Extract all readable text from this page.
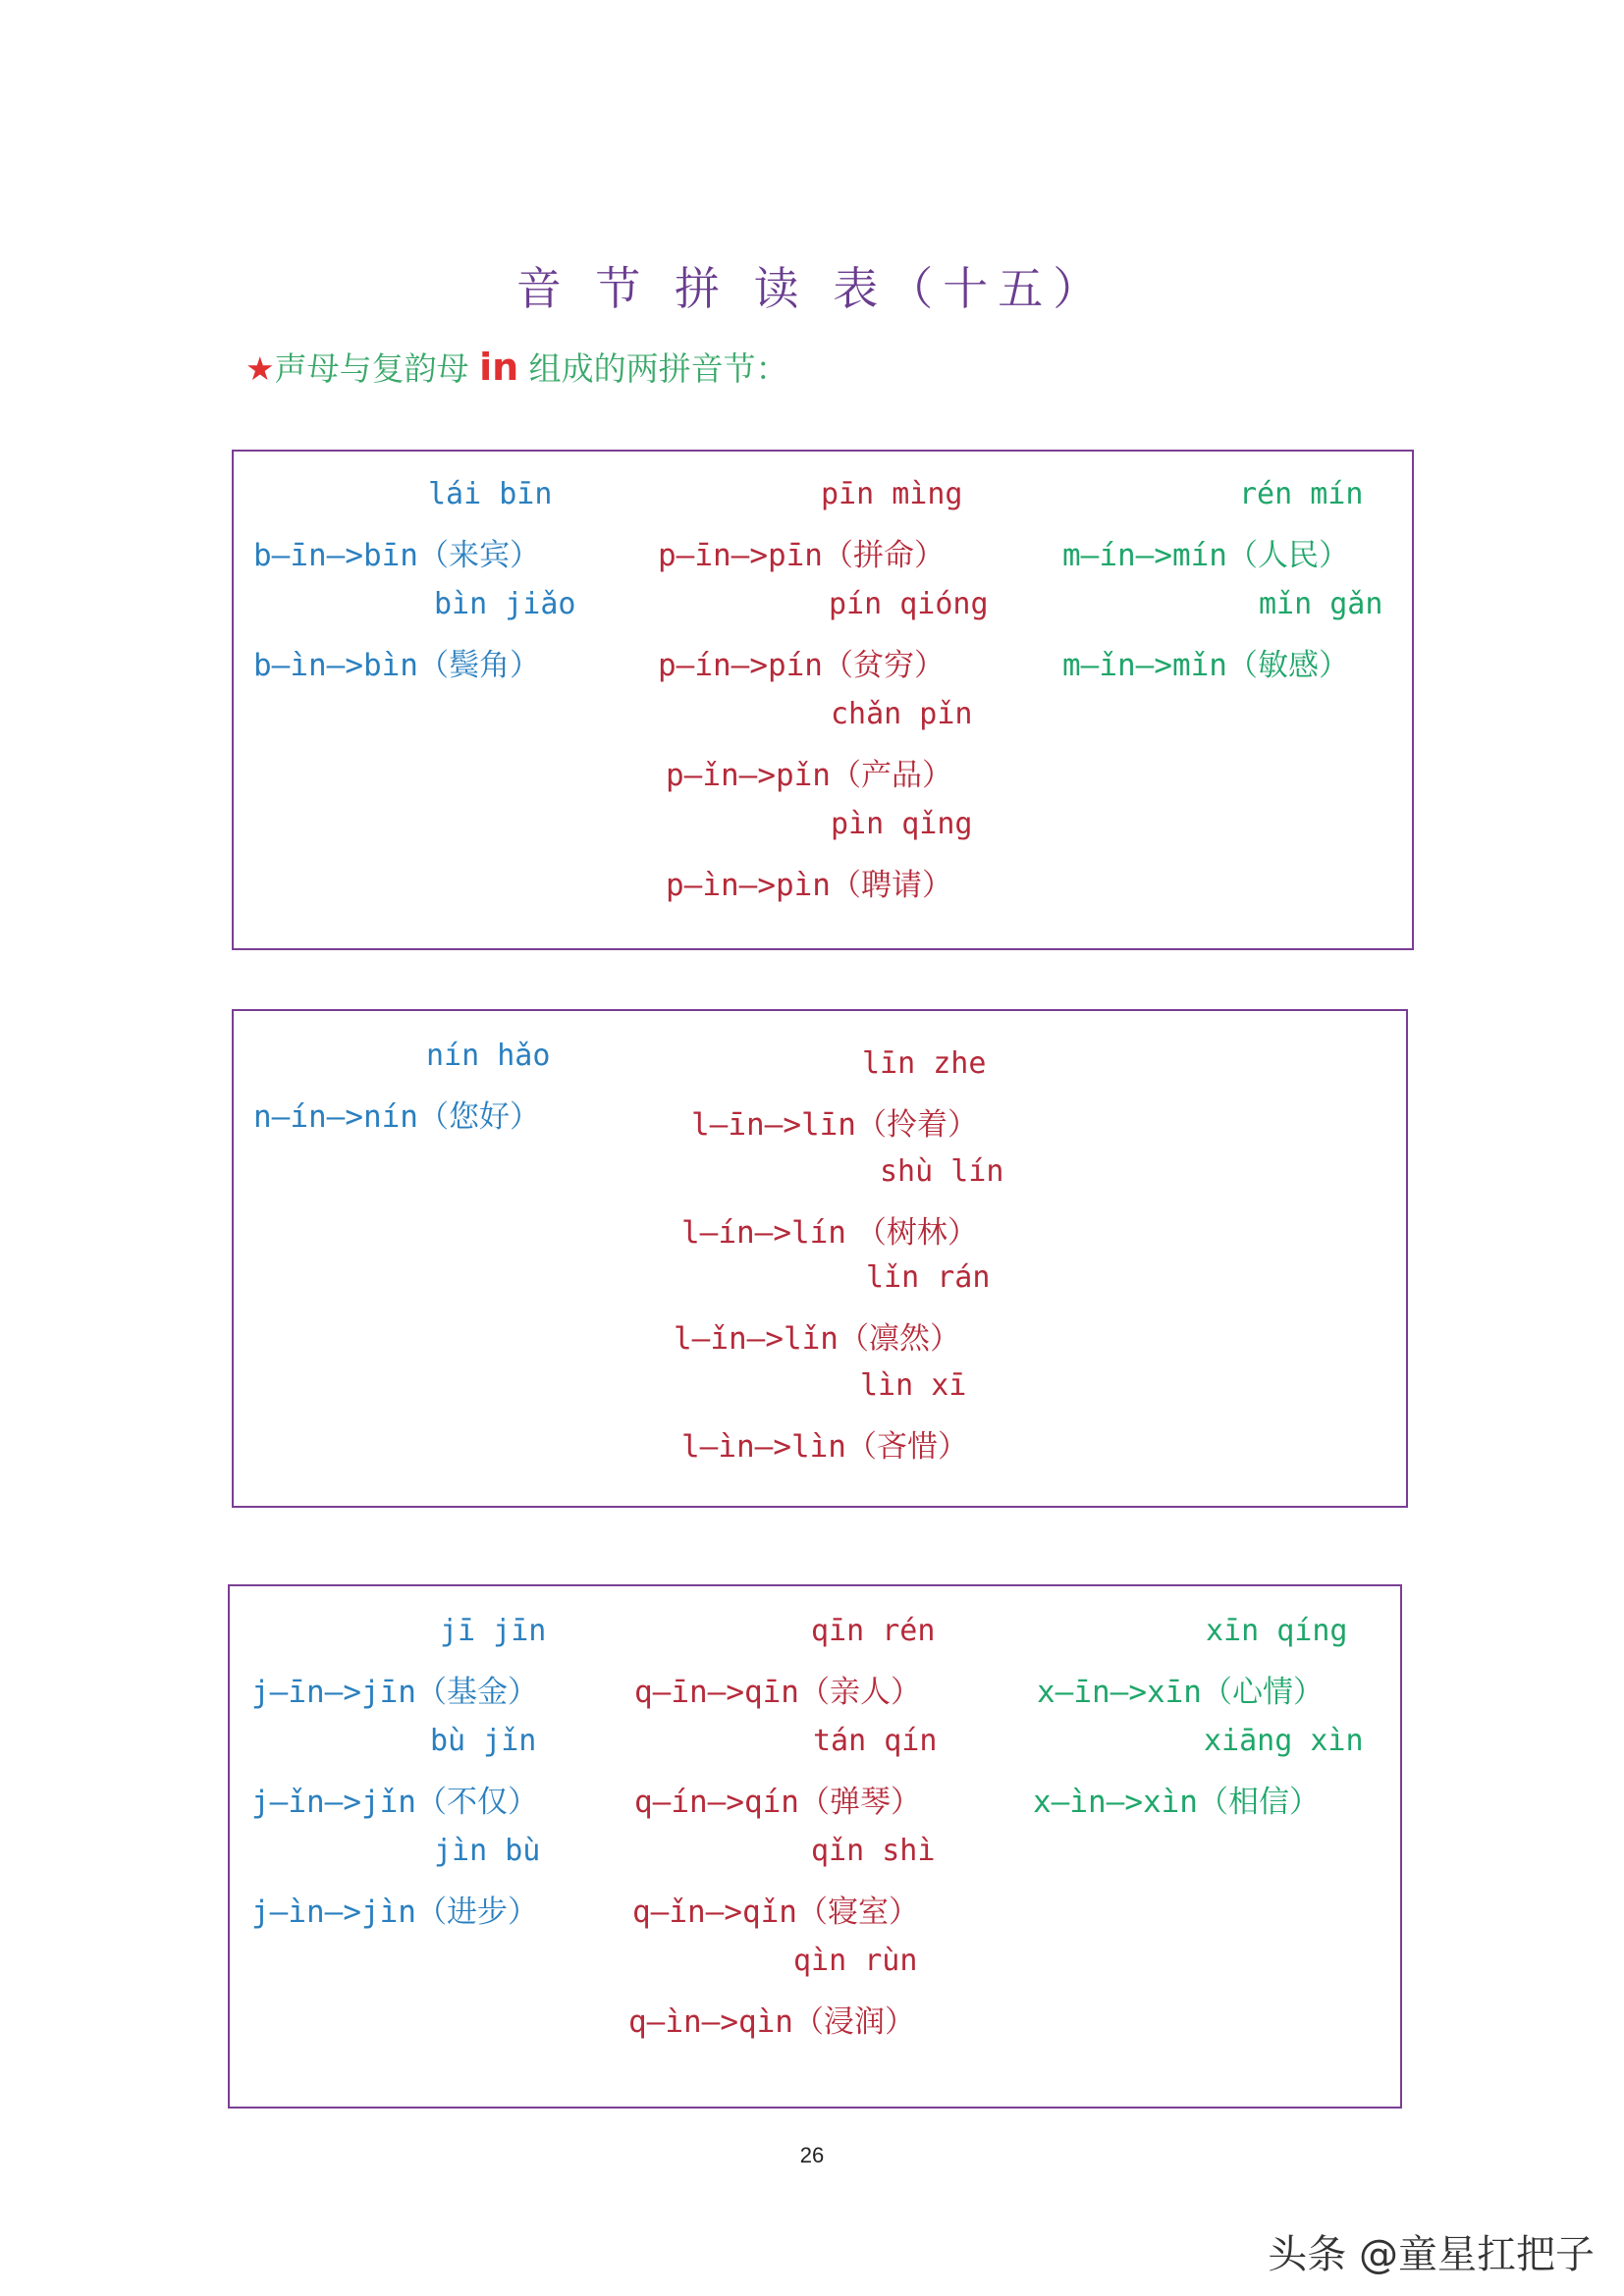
音 节 拼 读 表（十五）
★声母与复韵母 in 组成的两拼音节：
lái bīn
b—īn—>bīn（来宾）
bìn jiǎo
b—ìn—>bìn（鬓角）
pīn mìng
p—īn—>pīn（拼命）
pín qióng
p—ín—>pín（贫穷）
chǎn pǐn
p—ǐn—>pǐn（产品）
pìn qǐng
p—ìn—>pìn（聘请）
rén mín
m—ín—>mín（人民）
mǐn gǎn
m—ǐn—>mǐn（敏感）
nín hǎo
n—ín—>nín（您好）
līn zhe
l—īn—>līn（拎着）
shù lín
l—ín—>lín （树林）
lǐn rán
l—ǐn—>lǐn（凛然）
lìn xī
l—ìn—>lìn（吝惜）
jī jīn
j—īn—>jīn（基金）
bù jǐn
j—ǐn—>jǐn（不仅）
jìn bù
j—ìn—>jìn（进步）
qīn rén
q—īn—>qīn（亲人）
tán qín
q—ín—>qín（弹琴）
qǐn shì
q—ǐn—>qǐn（寝室）
qìn rùn
q—ìn—>qìn（浸润）
xīn qíng
x—īn—>xīn（心情）
xiāng xìn
x—ìn—>xìn（相信）
26
头条 @童星扛把子
